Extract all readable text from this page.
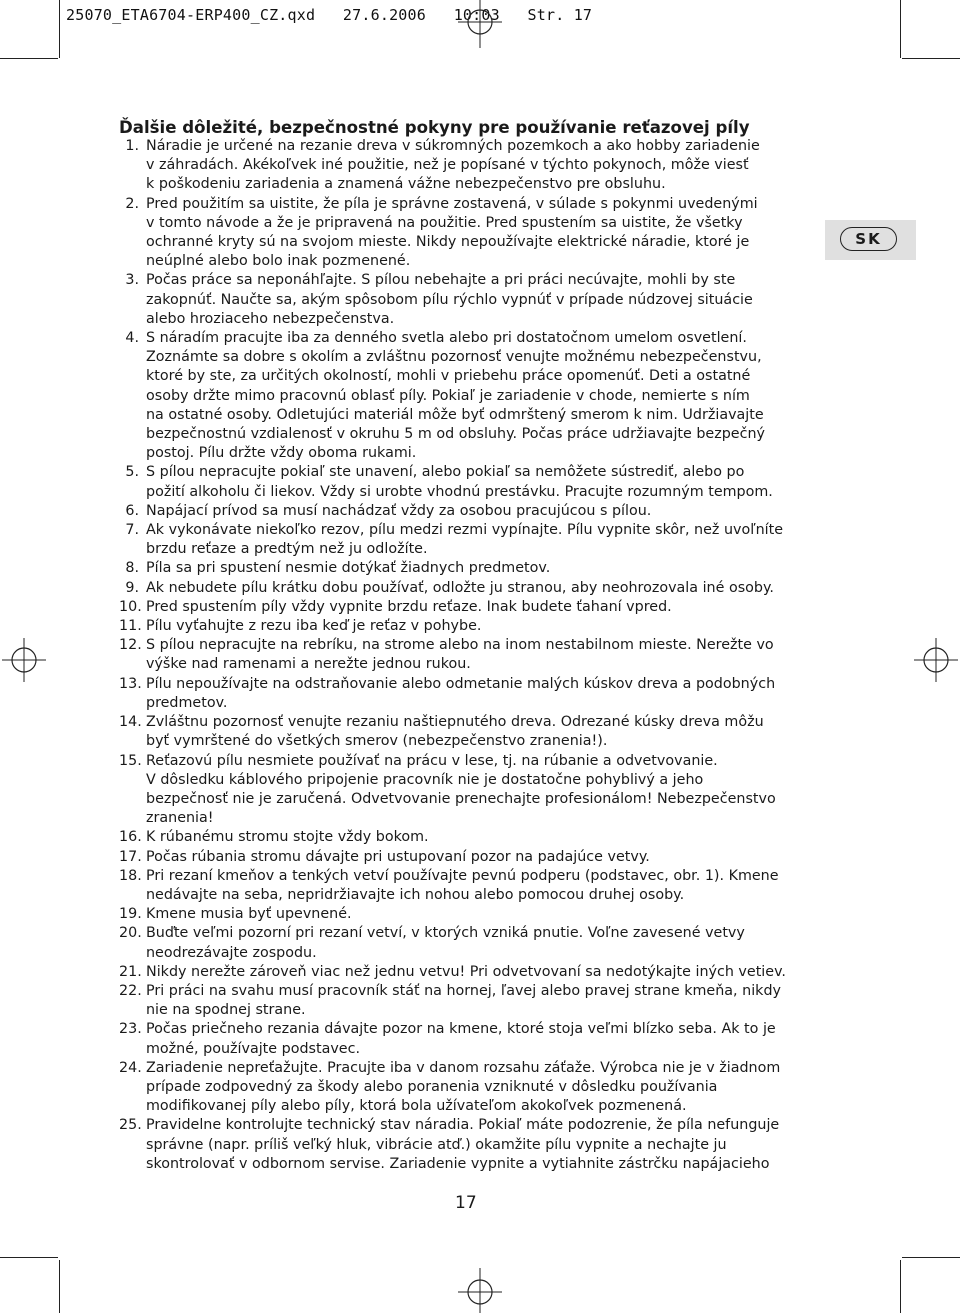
25070_ETA6704-ERP400_CZ.qxd   27.6.2006   10:03   Str. 17
Ďalšie dôležité, bezpečnostné pokyny pre používanie reťazovej píly
SK
1. Náradie je určené na rezanie dreva v súkromných pozemkoch a ako hobby zariadenie
v záhradách. Akékoľvek iné použitie, než je popísané v týchto pokynoch, môže viesť
k poškodeniu zariadenia a znamená vážne nebezpečenstvo pre obsluhu.
2. Pred použitím sa uistite, že píla je správne zostavená, v súlade s pokynmi uvedenými
v tomto návode a že je pripravená na použitie. Pred spustením sa uistite, že všetky
ochranné kryty sú na svojom mieste. Nikdy nepoužívajte elektrické náradie, ktoré je
neúplné alebo bolo inak pozmenené.
3. Počas práce sa neponáhľajte. S pílou nebehajte a pri práci necúvajte, mohli by ste
zakopnúť. Naučte sa, akým spôsobom pílu rýchlo vypnúť v prípade núdzovej situácie
alebo hroziaceho nebezpečenstva.
4. S náradím pracujte iba za denného svetla alebo pri dostatočnom umelom osvetlení.
Zoznámte sa dobre s okolím a zvláštnu pozornosť venujte možnému nebezpečenstvu,
ktoré by ste, za určitých okolností, mohli v priebehu práce opomenúť. Deti a ostatné
osoby držte mimo pracovnú oblasť píly. Pokiaľ je zariadenie v chode, nemierte s ním
na ostatné osoby. Odletujúci materiál môže byť odmrštený smerom k nim. Udržiavajte
bezpečnostnú vzdialenosť v okruhu 5 m od obsluhy. Počas práce udržiavajte bezpečný
postoj. Pílu držte vždy oboma rukami.
5. S pílou nepracujte pokiaľ ste unavení, alebo pokiaľ sa nemôžete sústrediť, alebo po
požití alkoholu či liekov. Vždy si urobte vhodnú prestávku. Pracujte rozumným tempom.
6. Napájací prívod sa musí nachádzať vždy za osobou pracujúcou s pílou.
7. Ak vykonávate niekoľko rezov, pílu medzi rezmi vypínajte. Pílu vypnite skôr, než uvoľníte
brzdu reťaze a predtým než ju odložíte.
8. Píla sa pri spustení nesmie dotýkať žiadnych predmetov.
9. Ak nebudete pílu krátku dobu používať, odložte ju stranou, aby neohrozovala iné osoby.
10. Pred spustením píly vždy vypnite brzdu reťaze. Inak budete ťahaní vpred.
11. Pílu vyťahujte z rezu iba keď je reťaz v pohybe.
12. S pílou nepracujte na rebríku, na strome alebo na inom nestabilnom mieste. Nerežte vo
výške nad ramenami a nerežte jednou rukou.
13. Pílu nepoužívajte na odstraňovanie alebo odmetanie malých kúskov dreva a podobných
predmetov.
14. Zvláštnu pozornosť venujte rezaniu naštiepnutého dreva. Odrezané kúsky dreva môžu
byť vymrštené do všetkých smerov (nebezpečenstvo zranenia!).
15. Reťazovú pílu nesmiete používať na prácu v lese, tj. na rúbanie a odvetvovanie.
V dôsledku káblového pripojenie pracovník nie je dostatočne pohyblivý a jeho
bezpečnosť nie je zaručená. Odvetvovanie prenechajte profesionálom! Nebezpečenstvo
zranenia!
16. K rúbanému stromu stojte vždy bokom.
17. Počas rúbania stromu dávajte pri ustupovaní pozor na padajúce vetvy.
18. Pri rezaní kmeňov a tenkých vetví používajte pevnú podperu (podstavec, obr. 1). Kmene
nedávajte na seba, nepridržiavajte ich nohou alebo pomocou druhej osoby.
19. Kmene musia byť upevnené.
20. Buďte veľmi pozorní pri rezaní vetví, v ktorých vzniká pnutie. Voľne zavesené vetvy
neodrezávajte zospodu.
21. Nikdy nerežte zároveň viac než jednu vetvu! Pri odvetvovaní sa nedotýkajte iných vetiev.
22. Pri práci na svahu musí pracovník stáť na hornej, ľavej alebo pravej strane kmeňa, nikdy
nie na spodnej strane.
23. Počas priečneho rezania dávajte pozor na kmene, ktoré stoja veľmi blízko seba. Ak to je
možné, používajte podstavec.
24. Zariadenie nepreťažujte. Pracujte iba v danom rozsahu záťaže. Výrobca nie je v žiadnom
prípade zodpovedný za škody alebo poranenia vzniknuté v dôsledku používania
modifikovanej píly alebo píly, ktorá bola užívateľom akokoľvek pozmenená.
25. Pravidelne kontrolujte technický stav náradia. Pokiaľ máte podozrenie, že píla nefunguje
správne (napr. príliš veľký hluk, vibrácie atď.) okamžite pílu vypnite a nechajte ju
skontrolovať v odbornom servise. Zariadenie vypnite a vytiahnite zástrčku napájacieho
17
